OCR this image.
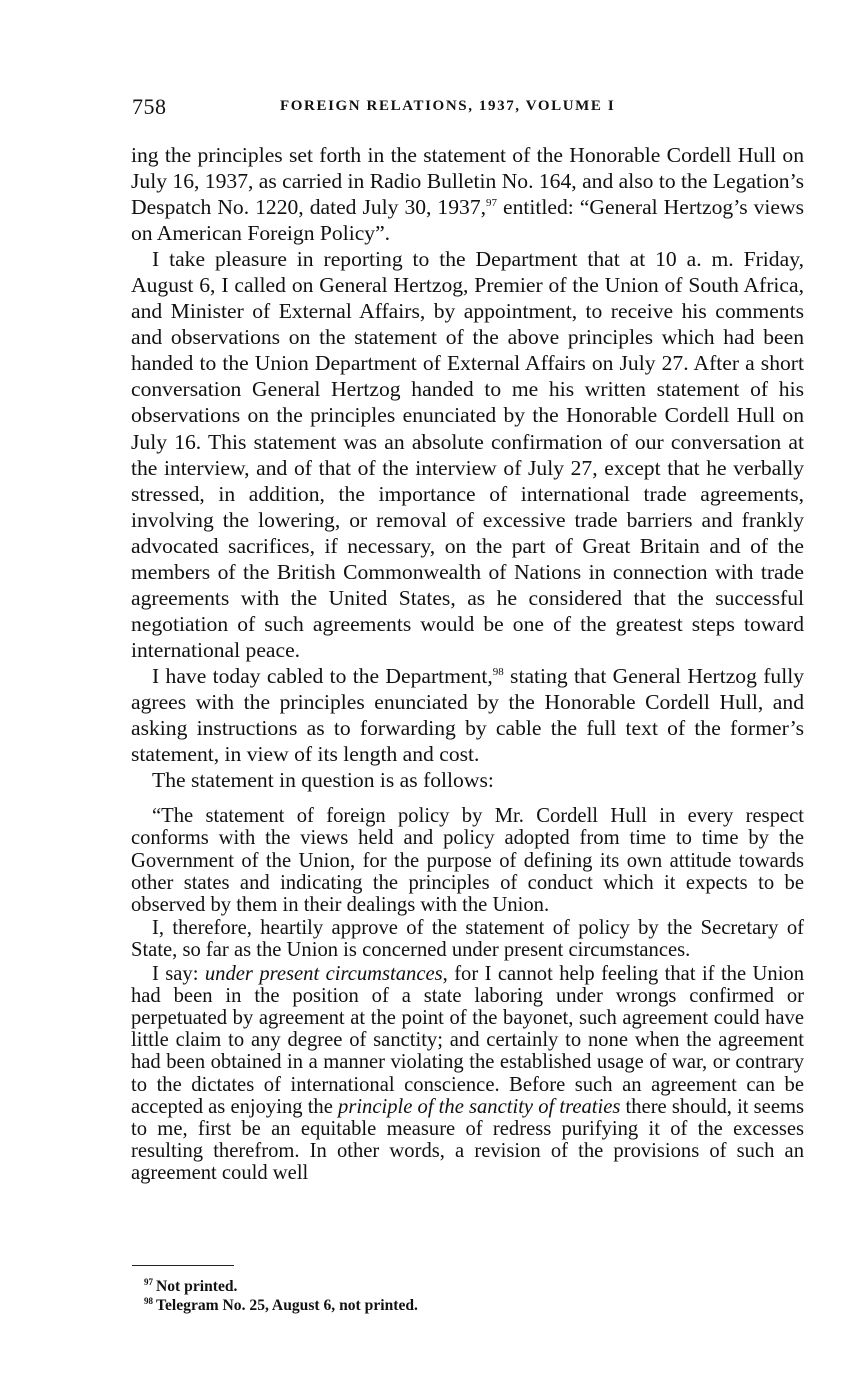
758	FOREIGN RELATIONS, 1937, VOLUME I

ing the principles set forth in the statement of the Honorable Cordell Hull on July 16, 1937, as carried in Radio Bulletin No. 164, and also to the Legation’s Despatch No. 1220, dated July 30, 1937,97 entitled: “General Hertzog’s views on American Foreign Policy”.

I take pleasure in reporting to the Department that at 10 a. m. Friday, August 6, I called on General Hertzog, Premier of the Union of South Africa, and Minister of External Affairs, by appointment, to receive his comments and observations on the statement of the above principles which had been handed to the Union Department of External Affairs on July 27. After a short conversation General Hertzog handed to me his written statement of his observations on the principles enunciated by the Honorable Cordell Hull on July 16. This statement was an absolute confirmation of our conversation at the interview, and of that of the interview of July 27, except that he verbally stressed, in addition, the importance of international trade agreements, involving the lowering, or removal of excessive trade barriers and frankly advocated sacrifices, if necessary, on the part of Great Britain and of the members of the British Commonwealth of Nations in connection with trade agreements with the United States, as he considered that the successful negotiation of such agreements would be one of the greatest steps toward international peace.

I have today cabled to the Department,$^{98}$ stating that General Hertzog fully agrees with the principles enunciated by the Honorable Cordell Hull, and asking instructions as to forwarding by cable the full text of the former’s statement, in view of its length and cost.

The statement in question is as follows:

“The statement of foreign policy by Mr. Cordell Hull in every respect conforms with the views held and policy adopted from time to time by the Government of the Union, for the purpose of defining its own attitude towards other states and indicating the principles of conduct which it expects to be observed by them in their dealings with the Union.

I, therefore, heartily approve of the statement of policy by the Secretary of State, so far as the Union is concerned under present circumstances.

I say: under present circumstances, for I cannot help feeling that if the Union had been in the position of a state laboring under wrongs confirmed or perpetuated by agreement at the point of the bayonet, such agreement could have little claim to any degree of sanctity; and certainly to none when the agreement had been obtained in a manner violating the established usage of war, or contrary to the dictates of international conscience. Before such an agreement can be accepted as enjoying the principle of the sanctity of treaties there should, it seems to me, first be an equitable measure of redress purifying it of the excesses resulting therefrom. In other words, a revision of the provisions of such an agreement could well

$^{97}$ Not printed.

$^{98}$ Telegram No. 25, August 6, not printed.
